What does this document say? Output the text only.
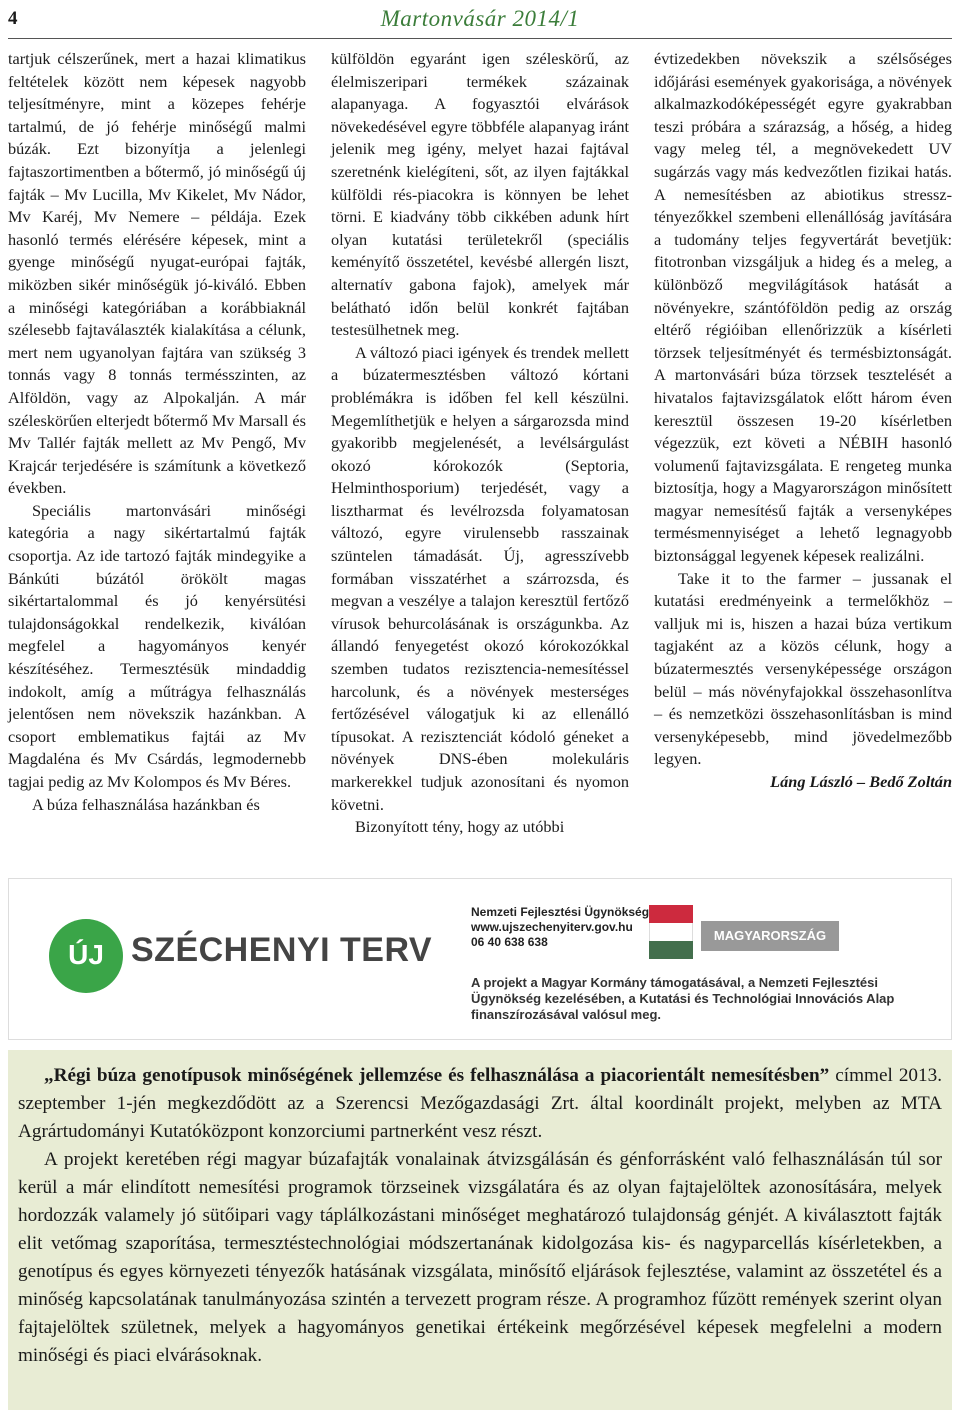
4	Martonvásár 2014/1

tartjuk célszerűnek, mert a hazai klimatikus feltételek között nem képesek nagyobb teljesítményre, mint a közepes fehérje tartalmú, de jó fehérje minőségű malmi búzák. Ezt bizonyítja a jelenlegi fajtaszortimentben a bőtermő, jó minőségű új fajták – Mv Lucilla, Mv Kikelet, Mv Nádor, Mv Karéj, Mv Nemere – példája. Ezek hasonló termés elérésére képesek, mint a gyenge minőségű nyugat-európai fajták, miközben sikér minőségük jó-kiváló. Ebben a minőségi kategóriában a korábbiaknál szélesebb fajtaválaszték kialakítása a célunk, mert nem ugyanolyan fajtára van szükség 3 tonnás vagy 8 tonnás termésszinten, az Alföldön, vagy az Alpokalján. A már széleskörűen elterjedt bőtermő Mv Marsall és Mv Tallér fajták mellett az Mv Pengő, Mv Krajcár terjedésére is számítunk a következő években.

Speciális martonvásári minőségi kategória a nagy sikértartalmú fajták csoportja. Az ide tartozó fajták mindegyike a Bánkúti búzától örökölt magas sikértartalommal és jó kenyérsütési tulajdonságokkal rendelkezik, kiválóan megfelel a hagyományos kenyér készítéséhez. Termesztésük mindaddig indokolt, amíg a műtrágya felhasználás jelentősen nem növekszik hazánkban. A csoport emblematikus fajtái az Mv Magdaléna és Mv Csárdás, legmodernebb tagjai pedig az Mv Kolompos és Mv Béres.

A búza felhasználása hazánkban és

külföldön egyaránt igen széleskörű, az élelmiszeripari termékek százainak alapanyaga. A fogyasztói elvárások növekedésével egyre többféle alapanyag iránt jelenik meg igény, melyet hazai fajtával szeretnénk kielégíteni, sőt, az ilyen fajtákkal külföldi rés-piacokra is könnyen be lehet törni. E kiadvány több cikkében adunk hírt olyan kutatási területekről (speciális keményítő összetétel, kevésbé allergén liszt, alternatív gabona fajok), amelyek már belátható időn belül konkrét fajtában testesülhetnek meg.

A változó piaci igények és trendek mellett a búzatermesztésben változó kórtani problémákra is időben fel kell készülni. Megemlíthetjük e helyen a sárgarozsda mind gyakoribb megjelenését, a levélsárgulást okozó kórokozók (Septoria, Helminthosporium) terjedését, vagy a lisztharmat és levélrozsda folyamatosan változó, egyre virulensebb rasszainak szüntelen támadását. Új, agresszívebb formában visszatérhet a szárrozsda, és megvan a veszélye a talajon keresztül fertőző vírusok behurcolásának is országunkba. Az állandó fenyegetést okozó kórokozókkal szemben tudatos rezisztencia-nemesítéssel harcolunk, és a növények mesterséges fertőzésével válogatjuk ki az ellenálló típusokat. A rezisztenciát kódoló géneket a növények DNS-ében molekuláris markerekkel tudjuk azonosítani és nyomon követni.

Bizonyított tény, hogy az utóbbi

évtizedekben növekszik a szélsőséges időjárási események gyakorisága, a növények alkalmazkodóképességét egyre gyakrabban teszi próbára a szárazság, a hőség, a hideg vagy meleg tél, a megnövekedett UV sugárzás vagy más kedvezőtlen fizikai hatás. A nemesítésben az abiotikus stressz-tényezőkkel szembeni ellenállóság javítására a tudomány teljes fegyvertárát bevetjük: fitotronban vizsgáljuk a hideg és a meleg, a különböző megvilágítások hatását a növényekre, szántóföldön pedig az ország eltérő régióiban ellenőrizzük a kísérleti törzsek teljesítményét és termésbiztonságát. A martonvásári búza törzsek tesztelését a hivatalos fajtavizsgálatok előtt három éven keresztül összesen 19-20 kísérletben végezzük, ezt követi a NÉBIH hasonló volumenű fajtavizsgálata. E rengeteg munka biztosítja, hogy a Magyarországon minősített magyar nemesítésű fajták a versenyképes termésmennyiséget a lehető legnagyobb biztonsággal legyenek képesek realizálni.

Take it to the farmer – jussanak el kutatási eredményeink a termelőkhöz – valljuk mi is, hiszen a hazai búza vertikum tagjaként az a közös célunk, hogy a búzatermesztés versenyképessége országon belül – más növényfajokkal összehasonlítva – és nemzetközi összehasonlításban is mind versenyképesebb, mind jövedelmezőbb legyen.

Láng László – Bedő Zoltán

ÚJ SZÉCHENYI TERV
Nemzeti Fejlesztési Ügynökség
www.ujszechenyiterv.gov.hu
06 40 638 638	MAGYARORSZÁG MEGÚJUL
A projekt a Magyar Kormány támogatásával, a Nemzeti Fejlesztési Ügynökség kezelésében, a Kutatási és Technológiai Innovációs Alap finanszírozásával valósul meg.

„Régi búza genotípusok minőségének jellemzése és felhasználása a piacorientált nemesítésben” címmel 2013. szeptember 1-jén megkezdődött az a Szerencsi Mezőgazdasági Zrt. által koordinált projekt, melyben az MTA Agrártudományi Kutatóközpont konzorciumi partnerként vesz részt.

A projekt keretében régi magyar búzafajták vonalainak átvizsgálásán és génforrásként való felhasználásán túl sor kerül a már elindított nemesítési programok törzseinek vizsgálatára és az olyan fajtajelöltek azonosítására, melyek hordozzák valamely jó sütőipari vagy táplálkozástani minőséget meghatározó tulajdonság génjét. A kiválasztott fajták elit vetőmag szaporítása, termesztéstechnológiai módszertanának kidolgozása kis- és nagyparcellás kísérletekben, a genotípus és egyes környezeti tényezők hatásának vizsgálata, minősítő eljárások fejlesztése, valamint az összetétel és a minőség kapcsolatának tanulmányozása szintén a tervezett program része. A programhoz fűzött remények szerint olyan fajtajelöltek születnek, melyek a hagyományos genetikai értékeink megőrzésével képesek megfelelni a modern minőségi és piaci elvárásoknak.
